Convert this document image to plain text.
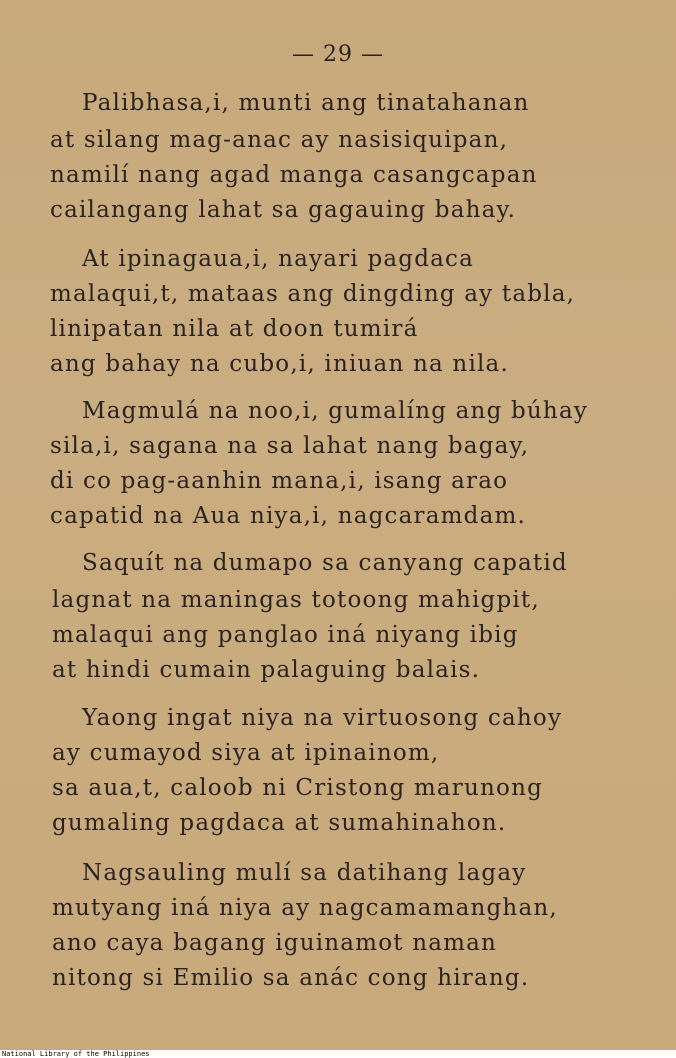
— 29 —
Palibhasa,i, munti ang tinatahanan
at silang mag-anac ay nasisiquipan,
namilí nang agad manga casangcapan
cailangang lahat sa gagauing bahay.
At ipinagaua,i, nayari pagdaca
malaqui,t, mataas ang dingding ay tabla,
linipatan nila at doon tumirá
ang bahay na cubo,i, iniuan na nila.
Magmulá na noo,i, gumalíng ang búhay
sila,i, sagana na sa lahat nang bagay,
di co pag-aanhin mana,i, isang arao
capatid na Aua niya,i, nagcaramdam.
Saquít na dumapo sa canyang capatid
lagnat na maningas totoong mahigpit,
malaqui ang panglao iná niyang ibig
at hindi cumain palaguing balais.
Yaong ingat niya na virtuosong cahoy
ay cumayod siya at ipinainom,
sa aua,t, caloob ni Cristong marunong
gumaling pagdaca at sumahinahon.
Nagsauling mulí sa datihang lagay
mutyang iná niya ay nagcamamanghan,
ano caya bagang iguinamot naman
nitong si Emilio sa anác cong hirang.
National Library of the Philippines
